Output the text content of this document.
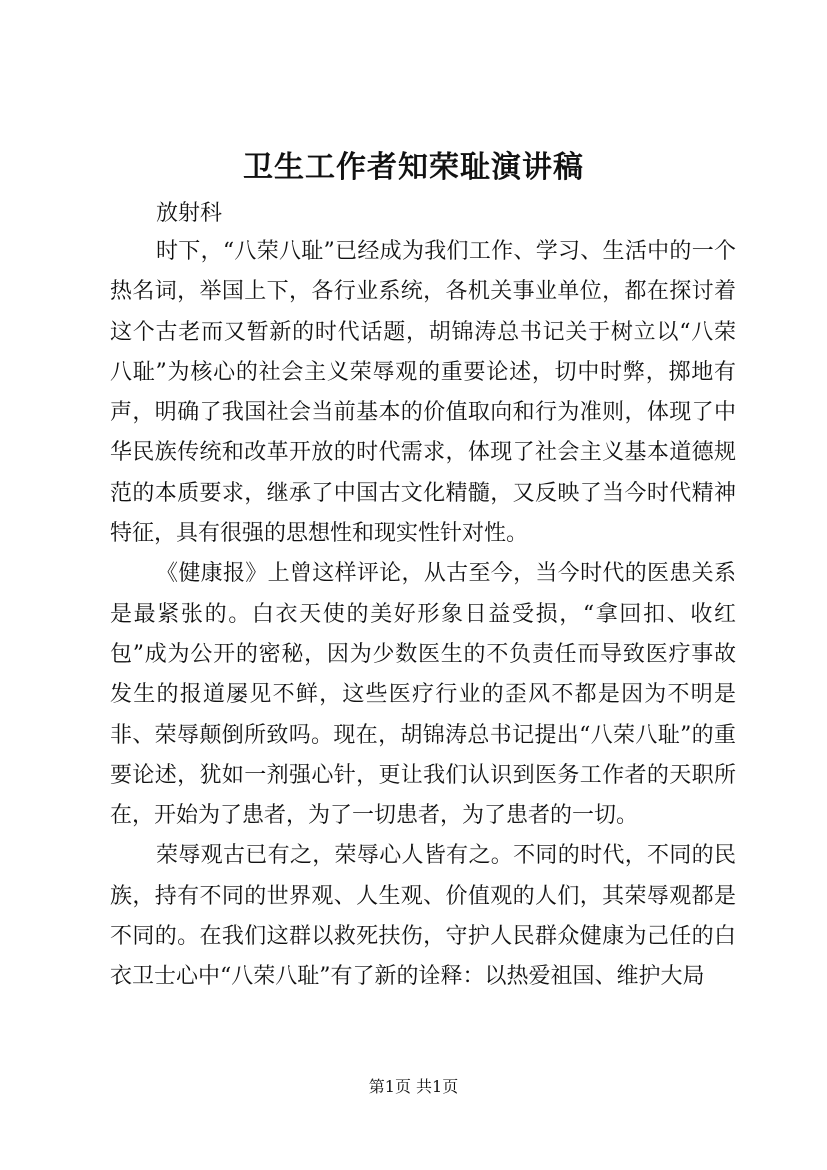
卫生工作者知荣耻演讲稿
放射科

时下，“八荣八耻”已经成为我们工作、学习、生活中的一个热名词，举国上下，各行业系统，各机关事业单位，都在探讨着这个古老而又暂新的时代话题，胡锦涛总书记关于树立以“八荣八耻”为核心的社会主义荣辱观的重要论述，切中时弊，掷地有声，明确了我国社会当前基本的价值取向和行为准则，体现了中华民族传统和改革开放的时代需求，体现了社会主义基本道德规范的本质要求，继承了中国古文化精髓，又反映了当今时代精神特征，具有很强的思想性和现实性针对性。

《健康报》上曾这样评论，从古至今，当今时代的医患关系是最紧张的。白衣天使的美好形象日益受损，“拿回扣、收红包”成为公开的密秘，因为少数医生的不负责任而导致医疗事故发生的报道屡见不鲜，这些医疗行业的歪风不都是因为不明是非、荣辱颠倒所致吗。现在，胡锦涛总书记提出“八荣八耻”的重要论述，犹如一剂强心针，更让我们认识到医务工作者的天职所在，开始为了患者，为了一切患者，为了患者的一切。

荣辱观古已有之，荣辱心人皆有之。不同的时代，不同的民族，持有不同的世界观、人生观、价值观的人们，其荣辱观都是不同的。在我们这群以救死扶伤，守护人民群众健康为己任的白衣卫士心中“八荣八耻”有了新的诠释：以热爱祖国、维护大局

第1页 共1页
